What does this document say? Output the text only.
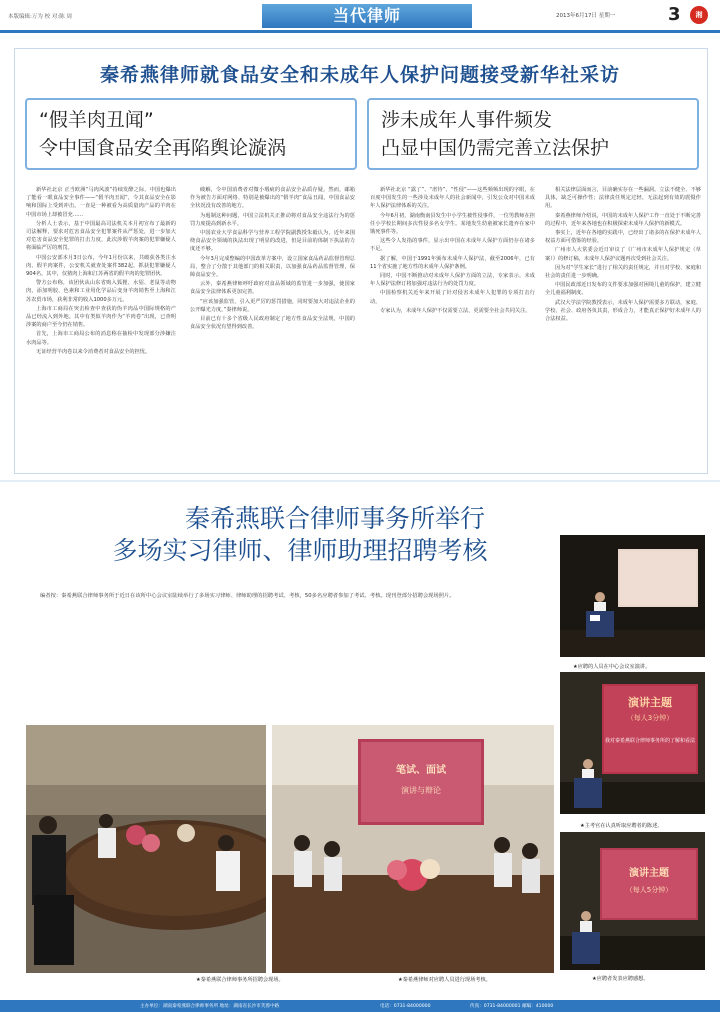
本版编辑:万为 校 对:陈 周	当代律师	2013年6月17日 星期一	3	湘
秦希燕律师就食品安全和未成年人保护问题接受新华社采访
“假羊肉丑闻”
令中国食品安全再陷舆论漩涡
涉未成年人事件频发
凸显中国仍需完善立法保护

新华社北京 正当欧洲“马肉风波”持续发酵之际，中国也爆出了能看一眼食品安全事件——“假羊肉丑闻”，令其食品安全在影响和国际上受到冲击。一直是一种被看为高质量肉产品的羊肉在中国市场上却被冒充……

分析人士表示，基于中国最高司法机关本月初宣布了最新的司法解释，要求对危害食品安全犯罪案件从严惩处，进一步加大对危害食品安全犯罪的打击力度，此次涉假羊肉案的犯罪嫌疑人将面临严厉的刑罚。

中国公安部本月3日公布，今年1月份以来，共破获各类注水肉、假羊肉案件，公安机关就查处案件382起，抓获犯罪嫌疑人904名，其中，仅猪肉上海和江苏两省的假羊肉的犯罪团伙。

警方公布称，该团伙从山东省购入狐狸、水貂、老鼠等动物肉，添加明胶、色素和工业用化学品后变身羊肉销售至上海和江苏农贸市场，获利非常的收入1000多万元。

上海市工商局在突击检查中查获的伪羊肉品中国际规格的产品已经流入到外地。其中有类似羊肉作为“羊肉卷”出现，已查明涉案的商户至今仍在销售。

首先，上海市工商局公布的消息称在抽检中发现部分涉嫌注水肉品等。

无证经营羊肉卷以来令消费者对食品安全的担忧。

破解，令中国消费者对微小瑕疵的食品安全品质存疑。然而，邮箱作为被告方面对网络、特别是被爆出的“假羊肉”食品丑闻，中国食品安全状况没有改善的地方。

为遏制这种问题，中国立法机关正推动将对食品安全违法行为的惩罚力度提高到新水平。

中国农业大学食品科学与营养工程学院副教授朱毅认为，近年来围绕食品安全领域的执法出现了明显的改进，但是目前的体制下执法的力度还不够。

今年3月完成整编的中国改革方案中，设立国家食品药品监督管理总局，整合了分散于其他部门的相关职责，以加强食品药品监督管理，保障食品安全。

云外，秦希燕律师呼吁政府对食品领域的监管进一步加强，使国家食品安全法律体系更加完善。

“应该加强监管，引入更严厉的惩罚措施，同时要加大对违法企业的公开曝光力度，”秦律师说。

目前已有十多个省级人民政府制定了地方性食品安全法规，中国的食品安全状况有望得到改善。

新华社北京 “露了”、“虐待”、“性侵”——这些频频出现的字眼，在百度中国发生的一些涉及未成年人的社会新闻中，引发公众对中国未成年人保护法律体系的关注。

今年6月初，湖南衡南县发生中小学生被性侵事件，一位男教师在担任小学校长期间多次性侵多名女学生。某地发生幼童被家长遗弃在家中饿死事件等。

这些令人发指的事件，显示出中国在未成年人保护方面仍存在诸多不足。

据了解，中国于1991年颁布未成年人保护法，截至2006年，已有11个省实施了地方性的未成年人保护条例。

同时，中国不断推动对未成年人保护方面的立法，专家表示，未成年人保护法修订将加强对违法行为的处罚力度。

中国检察机关近年来开展了针对侵害未成年人犯罪的专项打击行动。

专家认为，未成年人保护不仅需要立法，更需要全社会共同关注。

相关法律层面而言，目前确实存在一些漏洞。立法不健全、不够具体，缺乏可操作性；法律责任规定过轻，无法起到有效的震慑作用。

秦希燕律师介绍说，中国的未成年人保护工作一直处于不断完善的过程中，近年来各地也在积极探索未成年人保护的新模式。

事实上，近年在各地的实践中，已经出了诸多的在保护未成年人权益方面可借鉴的经验。

广州市人大常委会近日审议了《广州市未成年人保护规定（草案）》的修订稿，未成年人保护议题再次受到社会关注。

因为对“学生家长”进行了相关的责任规定，并且对学校、家庭和社会的责任进一步明确。

中国民政部近日发布的文件要求加强对困境儿童的保护，建立健全儿童福利制度。

武汉大学法学院教授表示，未成年人保护需要多方联动，家庭、学校、社会、政府各负其责，形成合力，才能真正保护好未成年人的合法权益。

秦希燕联合律师事务所举行
多场实习律师、律师助理招聘考核
编者按：秦希燕联合律师事务所于近日在该所中心会议室陆续举行了多场实习律师、律师助理的招聘考试、考核，50多名应聘者参加了考试、考核。现刊登部分招聘会现场照片。
★应聘的人员在中心会议室演讲。
演讲主题
（每人3分钟）
我对秦希燕联合律师事务所的了解和看法
★主考官在认真听取应聘者的陈述。
演讲主题
（每人5分钟）
★应聘者发表应聘感想。
★秦希燕联合律师事务所招聘会现场。
笔试、面试
演讲与辩论
★秦希燕律师对应聘人员进行现场考核。
主办单位：湖南秦希燕联合律师事务所 地址：湖南省长沙市芙蓉中路	电话：0731-84000000	传真：0731-84000001 邮编：410000
